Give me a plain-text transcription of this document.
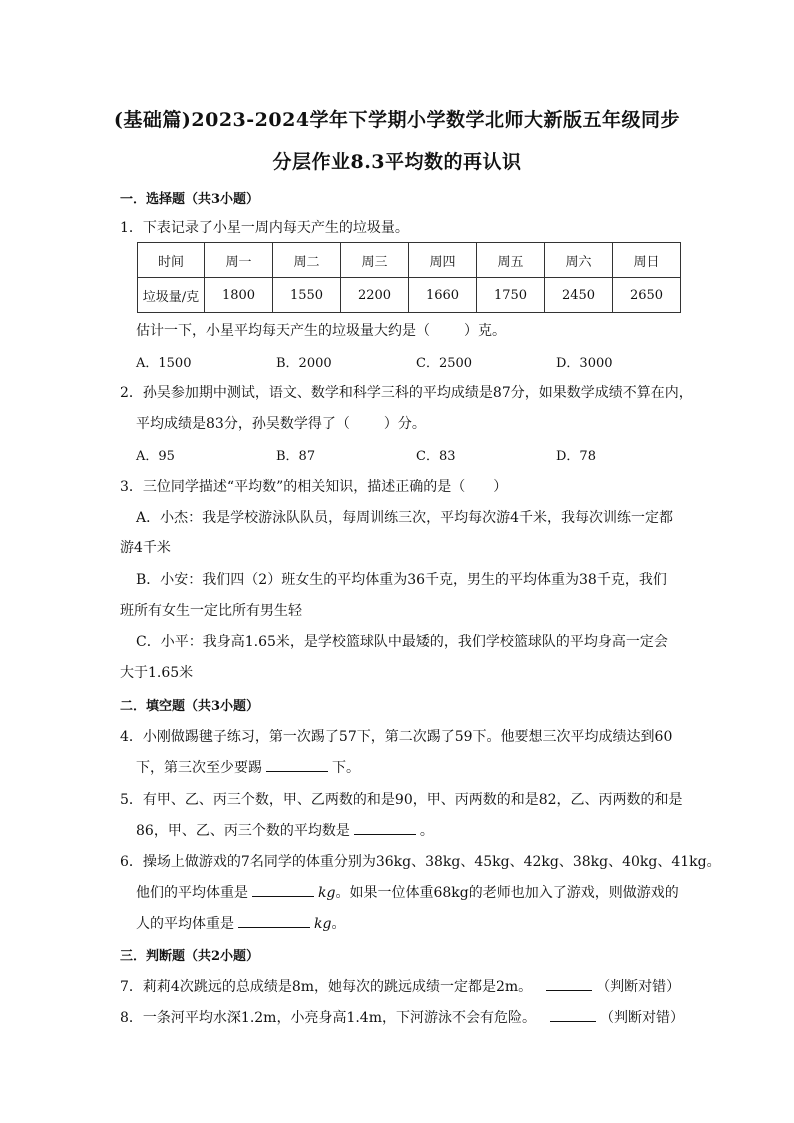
(基础篇)2023-2024学年下学期小学数学北师大新版五年级同步
分层作业8.3平均数的再认识
一．选择题（共3小题）
1．下表记录了小星一周内每天产生的垃圾量。
时间	周一	周二	周三	周四	周五	周六	周日
垃圾量/克	1800	1550	2200	1660	1750	2450	2650
估计一下，小星平均每天产生的垃圾量大约是（ ）克。
A．1500	B．2000	C．2500	D．3000
2．孙吴参加期中测试，语文、数学和科学三科的平均成绩是87分，如果数学成绩不算在内，
平均成绩是83分，孙吴数学得了（ ）分。
A．95	B．87	C．83	D．78
3．三位同学描述“平均数”的相关知识，描述正确的是（　　）
A．小杰：我是学校游泳队队员，每周训练三次，平均每次游4千米，我每次训练一定都
游4千米
B．小安：我们四（2）班女生的平均体重为36千克，男生的平均体重为38千克，我们
班所有女生一定比所有男生轻
C．小平：我身高1.65米，是学校篮球队中最矮的，我们学校篮球队的平均身高一定会
大于1.65米
二．填空题（共3小题）
4．小刚做踢毽子练习，第一次踢了57下，第二次踢了59下。他要想三次平均成绩达到60
下，第三次至少要踢	下。
5．有甲、乙、丙三个数，甲、乙两数的和是90，甲、丙两数的和是82，乙、丙两数的和是
86，甲、乙、丙三个数的平均数是	。
6．操场上做游戏的7名同学的体重分别为36kg、38kg、45kg、42kg、38kg、40kg、41kg。
他们的平均体重是	kg。如果一位体重68kg的老师也加入了游戏，则做游戏的
人的平均体重是	kg。
三．判断题（共2小题）
7．莉莉4次跳远的总成绩是8m，她每次的跳远成绩一定都是2m。	（判断对错）
8．一条河平均水深1.2m，小亮身高1.4m，下河游泳不会有危险。	（判断对错）
